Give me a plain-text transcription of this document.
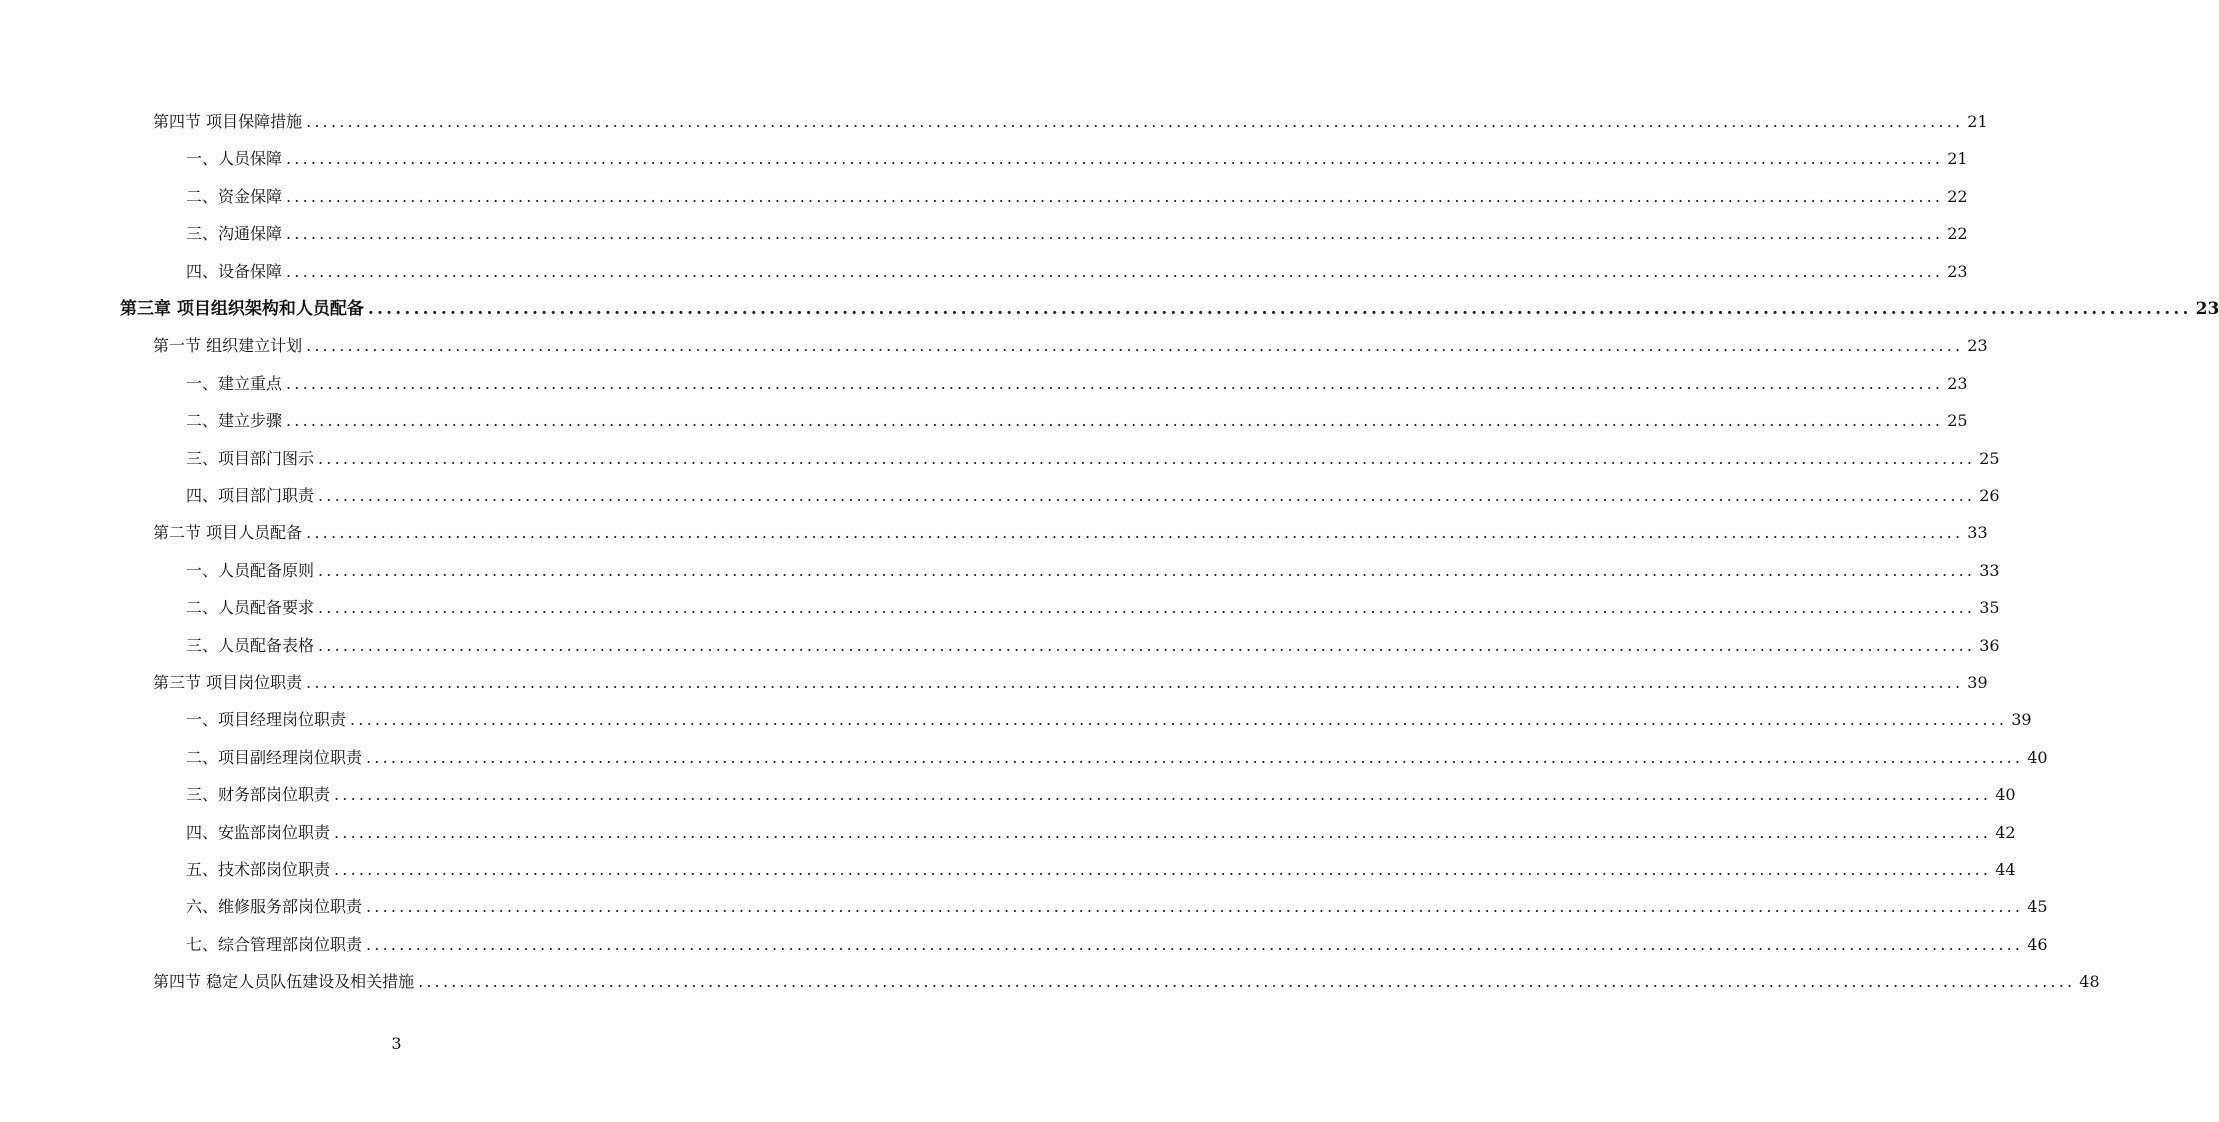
第四节 项目保障措施 ........................................................................................................................................................................................................ 21
一、人员保障 ........................................................................................................................................................................................................ 21
二、资金保障 ........................................................................................................................................................................................................ 22
三、沟通保障 ........................................................................................................................................................................................................ 22
四、设备保障 ........................................................................................................................................................................................................ 23
第三章 项目组织架构和人员配备 ........................................................................................................................................................................................................ 23
第一节 组织建立计划 ........................................................................................................................................................................................................ 23
一、建立重点 ........................................................................................................................................................................................................ 23
二、建立步骤 ........................................................................................................................................................................................................ 25
三、项目部门图示 ........................................................................................................................................................................................................ 25
四、项目部门职责 ........................................................................................................................................................................................................ 26
第二节 项目人员配备 ........................................................................................................................................................................................................ 33
一、人员配备原则 ........................................................................................................................................................................................................ 33
二、人员配备要求 ........................................................................................................................................................................................................ 35
三、人员配备表格 ........................................................................................................................................................................................................ 36
第三节 项目岗位职责 ........................................................................................................................................................................................................ 39
一、项目经理岗位职责 ........................................................................................................................................................................................................ 39
二、项目副经理岗位职责 ........................................................................................................................................................................................................ 40
三、财务部岗位职责 ........................................................................................................................................................................................................ 40
四、安监部岗位职责 ........................................................................................................................................................................................................ 42
五、技术部岗位职责 ........................................................................................................................................................................................................ 44
六、维修服务部岗位职责 ........................................................................................................................................................................................................ 45
七、综合管理部岗位职责 ........................................................................................................................................................................................................ 46
第四节 稳定人员队伍建设及相关措施 ........................................................................................................................................................................................................ 48
3
